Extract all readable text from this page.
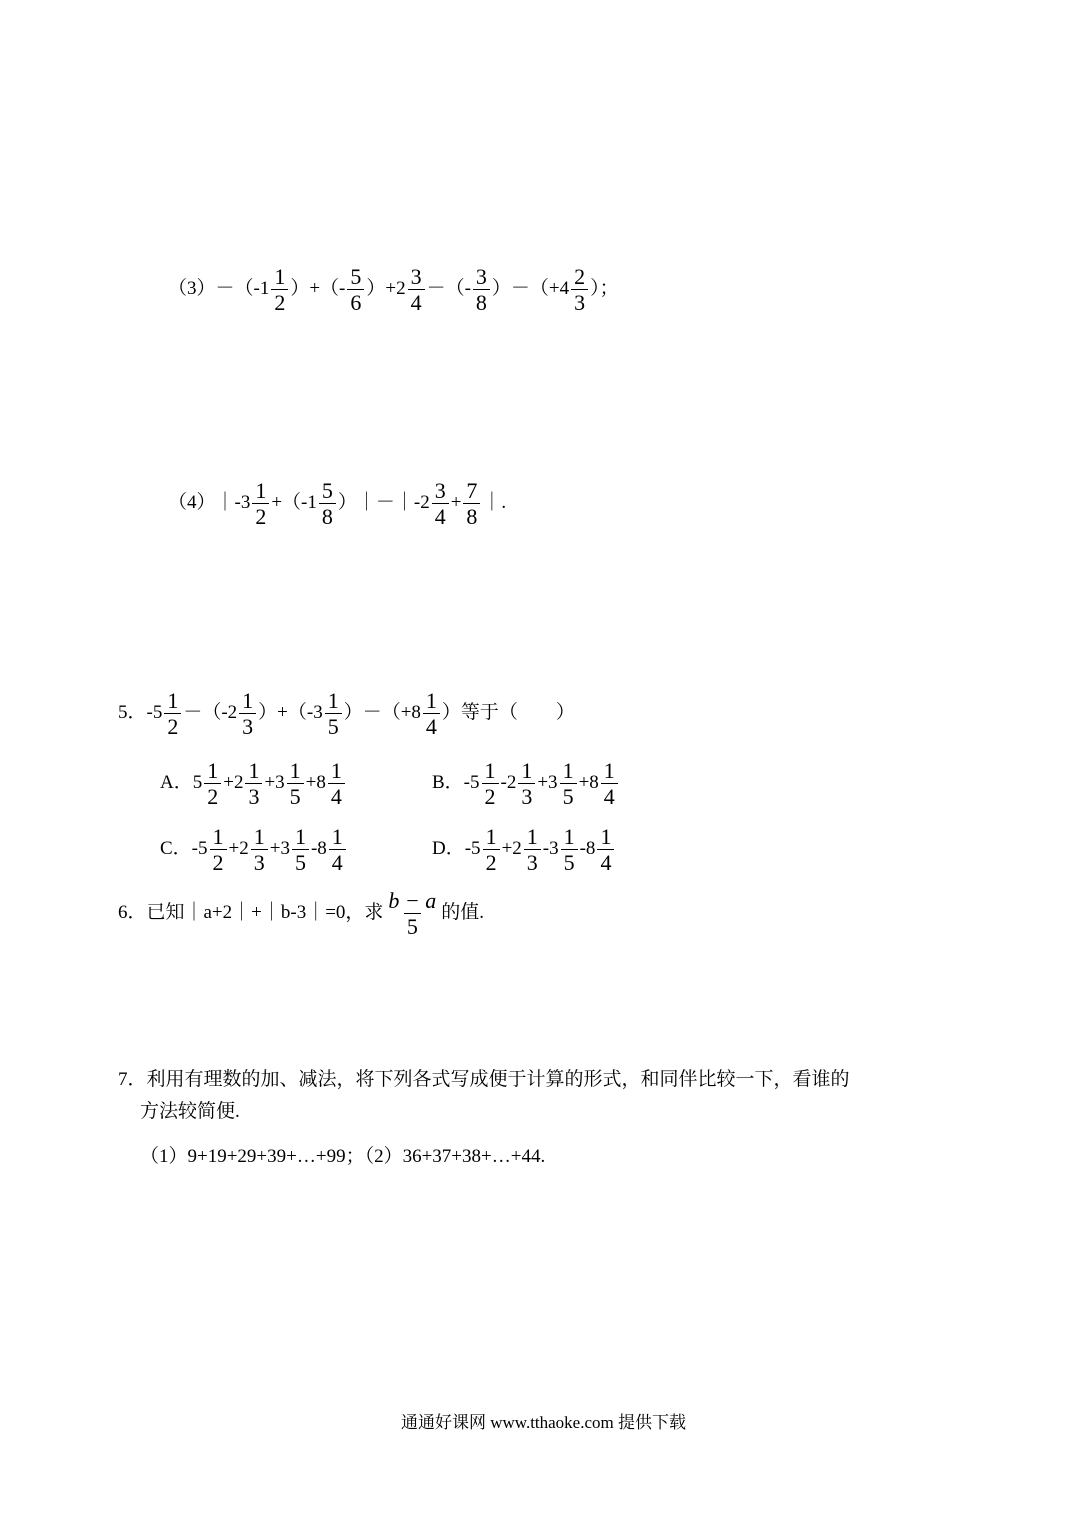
$(3)-(-1 \frac{1}{2}$ ）+（- $\frac{5}{6} )+2 \frac{3}{4}$ －（- $\frac{3}{8} )-(+4 \frac{2}{3}$ ）；
（4）｜-3 $\frac{1}{2} +(-1 \frac{5}{8}$ ）｜－｜-2 $\frac{3}{4} + \frac{7}{8}$ ｜.
5．$-5 \frac{1}{2} -(-2 \frac{1}{3} )+(-3 \frac{1}{5} )-(+8 \frac{1}{4}$ ）等于（　　）
A．$5 \frac{1}{2} +2 \frac{1}{3} +3 \frac{1}{5} +8 \frac{1}{4}$	B．$-5 \frac{1}{2} -2 \frac{1}{3} +3 \frac{1}{5} +8 \frac{1}{4}$
C．$-5 \frac{1}{2} +2 \frac{1}{3} +3 \frac{1}{5} -8 \frac{1}{4}$	D．$-5 \frac{1}{2} +2 \frac{1}{3} -3 \frac{1}{5} -8 \frac{1}{4}$
6．已知｜a+2｜+｜b-3｜=0，求 $\frac{b - a}{5}$ 的值.
7．利用有理数的加、减法，将下列各式写成便于计算的形式，和同伴比较一下，看谁的
方法较简便.
（1）9+19+29+39+…+99；（2）36+37+38+…+44.
通通好课网 www.tthaoke.com 提供下载
